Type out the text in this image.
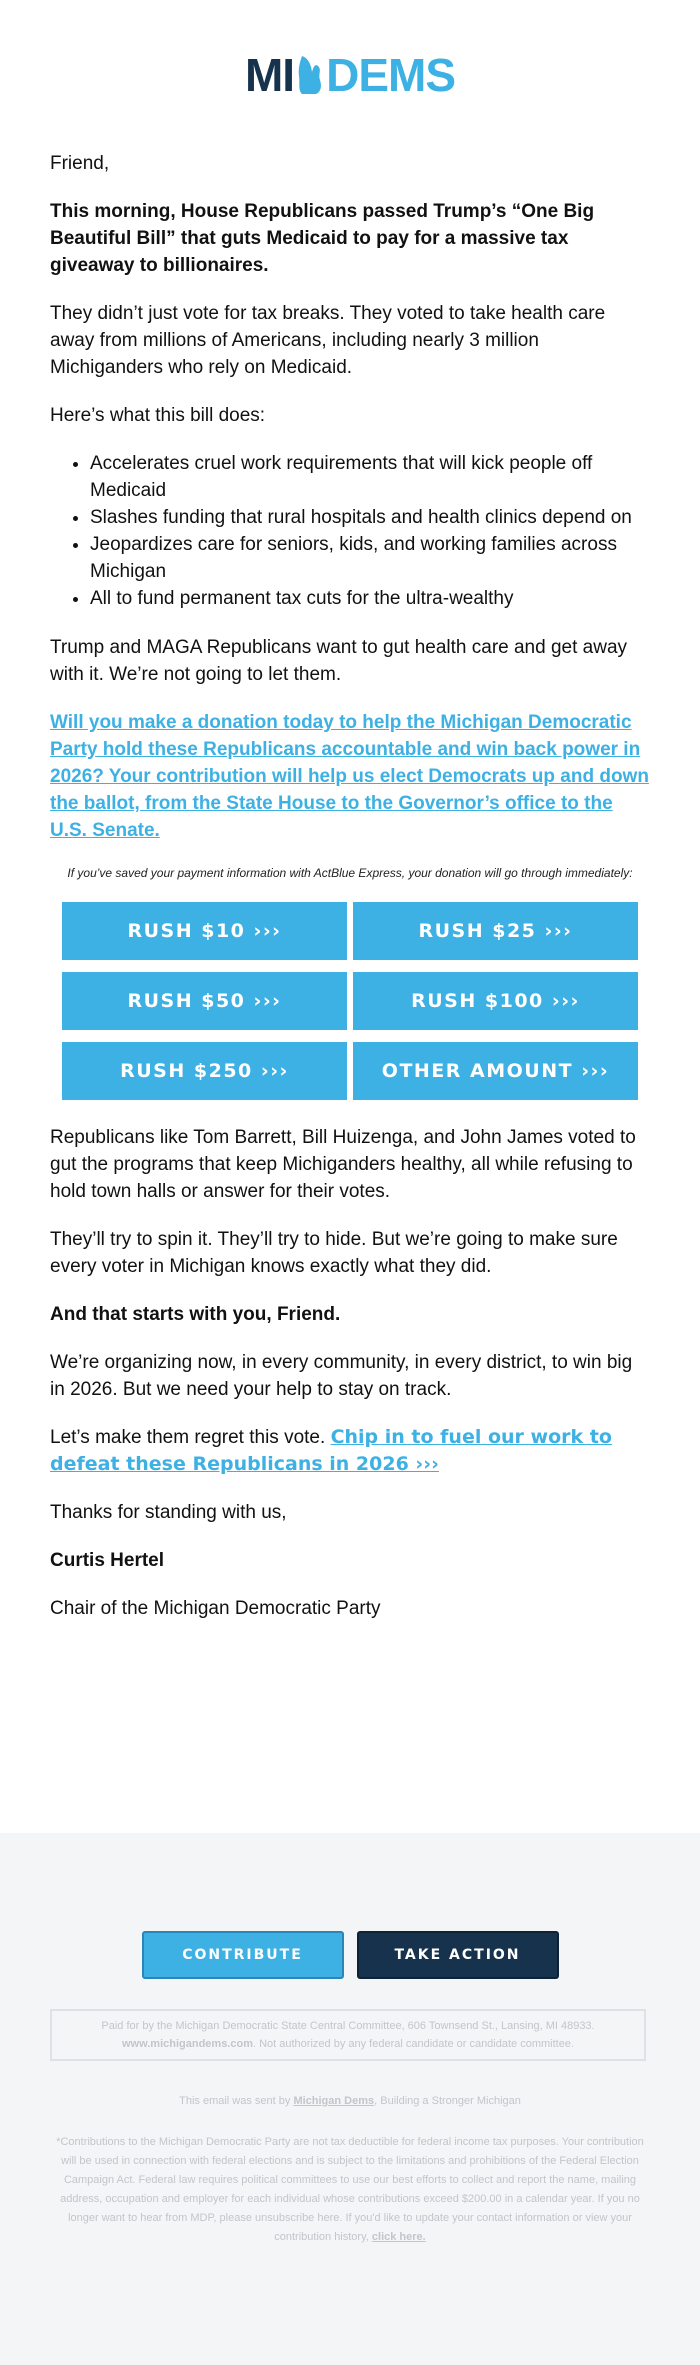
MI DEMS

Friend,

This morning, House Republicans passed Trump’s “One Big Beautiful Bill” that guts Medicaid to pay for a massive tax giveaway to billionaires.

They didn’t just vote for tax breaks. They voted to take health care away from millions of Americans, including nearly 3 million Michiganders who rely on Medicaid.

Here’s what this bill does:

• Accelerates cruel work requirements that will kick people off Medicaid
• Slashes funding that rural hospitals and health clinics depend on
• Jeopardizes care for seniors, kids, and working families across Michigan
• All to fund permanent tax cuts for the ultra-wealthy

Trump and MAGA Republicans want to gut health care and get away with it. We’re not going to let them.

Will you make a donation today to help the Michigan Democratic Party hold these Republicans accountable and win back power in 2026? Your contribution will help us elect Democrats up and down the ballot, from the State House to the Governor’s office to the U.S. Senate.

If you’ve saved your payment information with ActBlue Express, your donation will go through immediately:

RUSH $10 ›››	RUSH $25 ›››
RUSH $50 ›››	RUSH $100 ›››
RUSH $250 ›››	OTHER AMOUNT ›››

Republicans like Tom Barrett, Bill Huizenga, and John James voted to gut the programs that keep Michiganders healthy, all while refusing to hold town halls or answer for their votes.

They’ll try to spin it. They’ll try to hide. But we’re going to make sure every voter in Michigan knows exactly what they did.

And that starts with you, Friend.

We’re organizing now, in every community, in every district, to win big in 2026. But we need your help to stay on track.

Let’s make them regret this vote. Chip in to fuel our work to defeat these Republicans in 2026 ›››

Thanks for standing with us,

Curtis Hertel

Chair of the Michigan Democratic Party

CONTRIBUTE	TAKE ACTION
Paid for by the Michigan Democratic State Central Committee, 606 Townsend St., Lansing, MI 48933.
www.michigandems.com. Not authorized by any federal candidate or candidate committee.
This email was sent by Michigan Dems, Building a Stronger Michigan
*Contributions to the Michigan Democratic Party are not tax deductible for federal income tax purposes. Your contribution will be used in connection with federal elections and is subject to the limitations and prohibitions of the Federal Election Campaign Act. Federal law requires political committees to use our best efforts to collect and report the name, mailing address, occupation and employer for each individual whose contributions exceed $200.00 in a calendar year. If you no longer want to hear from MDP, please unsubscribe here. If you'd like to update your contact information or view your contribution history, click here.
